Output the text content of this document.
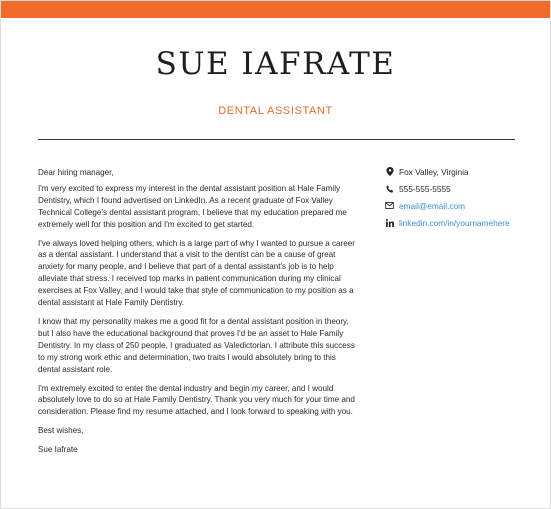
SUE IAFRATE
DENTAL ASSISTANT

Dear hiring manager,

I'm very excited to express my interest in the dental assistant position at Hale Family Dentistry, which I found advertised on LinkedIn. As a recent graduate of Fox Valley Technical College's dental assistant program, I believe that my education prepared me extremely well for this position and I'm excited to get started.

I've always loved helping others, which is a large part of why I wanted to pursue a career as a dental assistant. I understand that a visit to the dentist can be a cause of great anxiety for many people, and I believe that part of a dental assistant's job is to help alleviate that stress. I received top marks in patient communication during my clinical exercises at Fox Valley, and I would take that style of communication to my position as a dental assistant at Hale Family Dentistry.

I know that my personality makes me a good fit for a dental assistant position in theory, but I also have the educational background that proves I'd be an asset to Hale Family Dentistry. In my class of 250 people, I graduated as Valedictorian. I attribute this success to my strong work ethic and determination, two traits I would absolutely bring to this dental assistant role.

I'm extremely excited to enter the dental industry and begin my career, and I would absolutely love to do so at Hale Family Dentistry. Thank you very much for your time and consideration. Please find my resume attached, and I look forward to speaking with you.

Best wishes,

Sue Iafrate

Fox Valley, Virginia
555-555-5555
email@email.com
linkedin.com/in/yournamehere
